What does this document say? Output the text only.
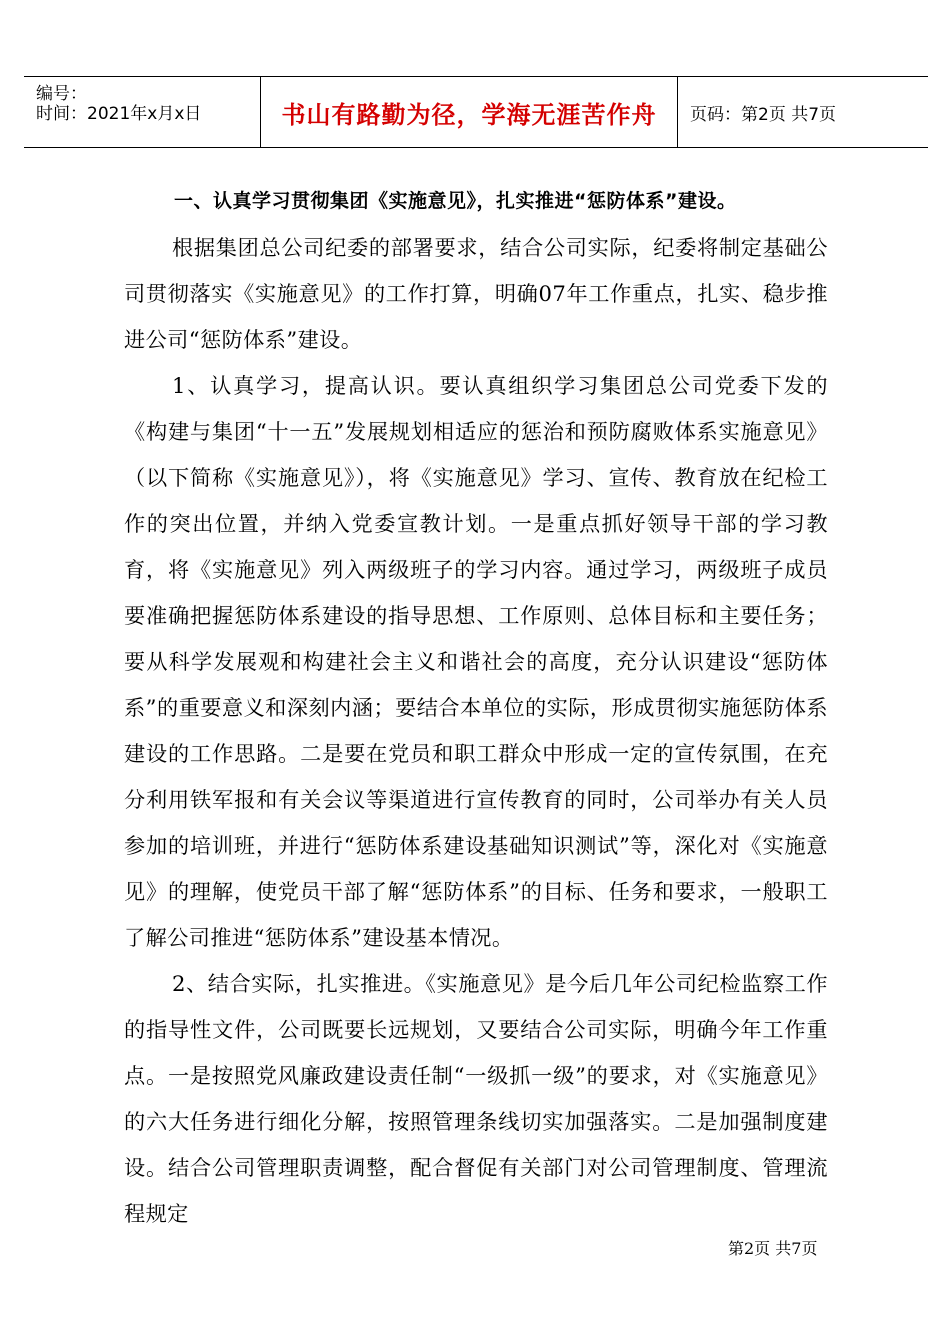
编号：
时间：2021年x月x日	书山有路勤为径，学海无涯苦作舟	页码：第2页 共7页
一、认真学习贯彻集团《实施意见》，扎实推进“惩防体系”建设。

根据集团总公司纪委的部署要求，结合公司实际，纪委将制定基础公司贯彻落实《实施意见》的工作打算，明确07年工作重点，扎实、稳步推进公司“惩防体系”建设。

1、认真学习，提高认识。要认真组织学习集团总公司党委下发的《构建与集团“十一五”发展规划相适应的惩治和预防腐败体系实施意见》（以下简称《实施意见》），将《实施意见》学习、宣传、教育放在纪检工作的突出位置，并纳入党委宣教计划。一是重点抓好领导干部的学习教育，将《实施意见》列入两级班子的学习内容。通过学习，两级班子成员要准确把握惩防体系建设的指导思想、工作原则、总体目标和主要任务；要从科学发展观和构建社会主义和谐社会的高度，充分认识建设“惩防体系”的重要意义和深刻内涵；要结合本单位的实际，形成贯彻实施惩防体系建设的工作思路。二是要在党员和职工群众中形成一定的宣传氛围，在充分利用铁军报和有关会议等渠道进行宣传教育的同时，公司举办有关人员参加的培训班，并进行“惩防体系建设基础知识测试”等，深化对《实施意见》的理解，使党员干部了解“惩防体系”的目标、任务和要求，一般职工了解公司推进“惩防体系”建设基本情况。

2、结合实际，扎实推进。《实施意见》是今后几年公司纪检监察工作的指导性文件，公司既要长远规划，又要结合公司实际，明确今年工作重点。一是按照党风廉政建设责任制“一级抓一级”的要求，对《实施意见》的六大任务进行细化分解，按照管理条线切实加强落实。二是加强制度建设。结合公司管理职责调整，配合督促有关部门对公司管理制度、管理流程规定

第2页 共7页
